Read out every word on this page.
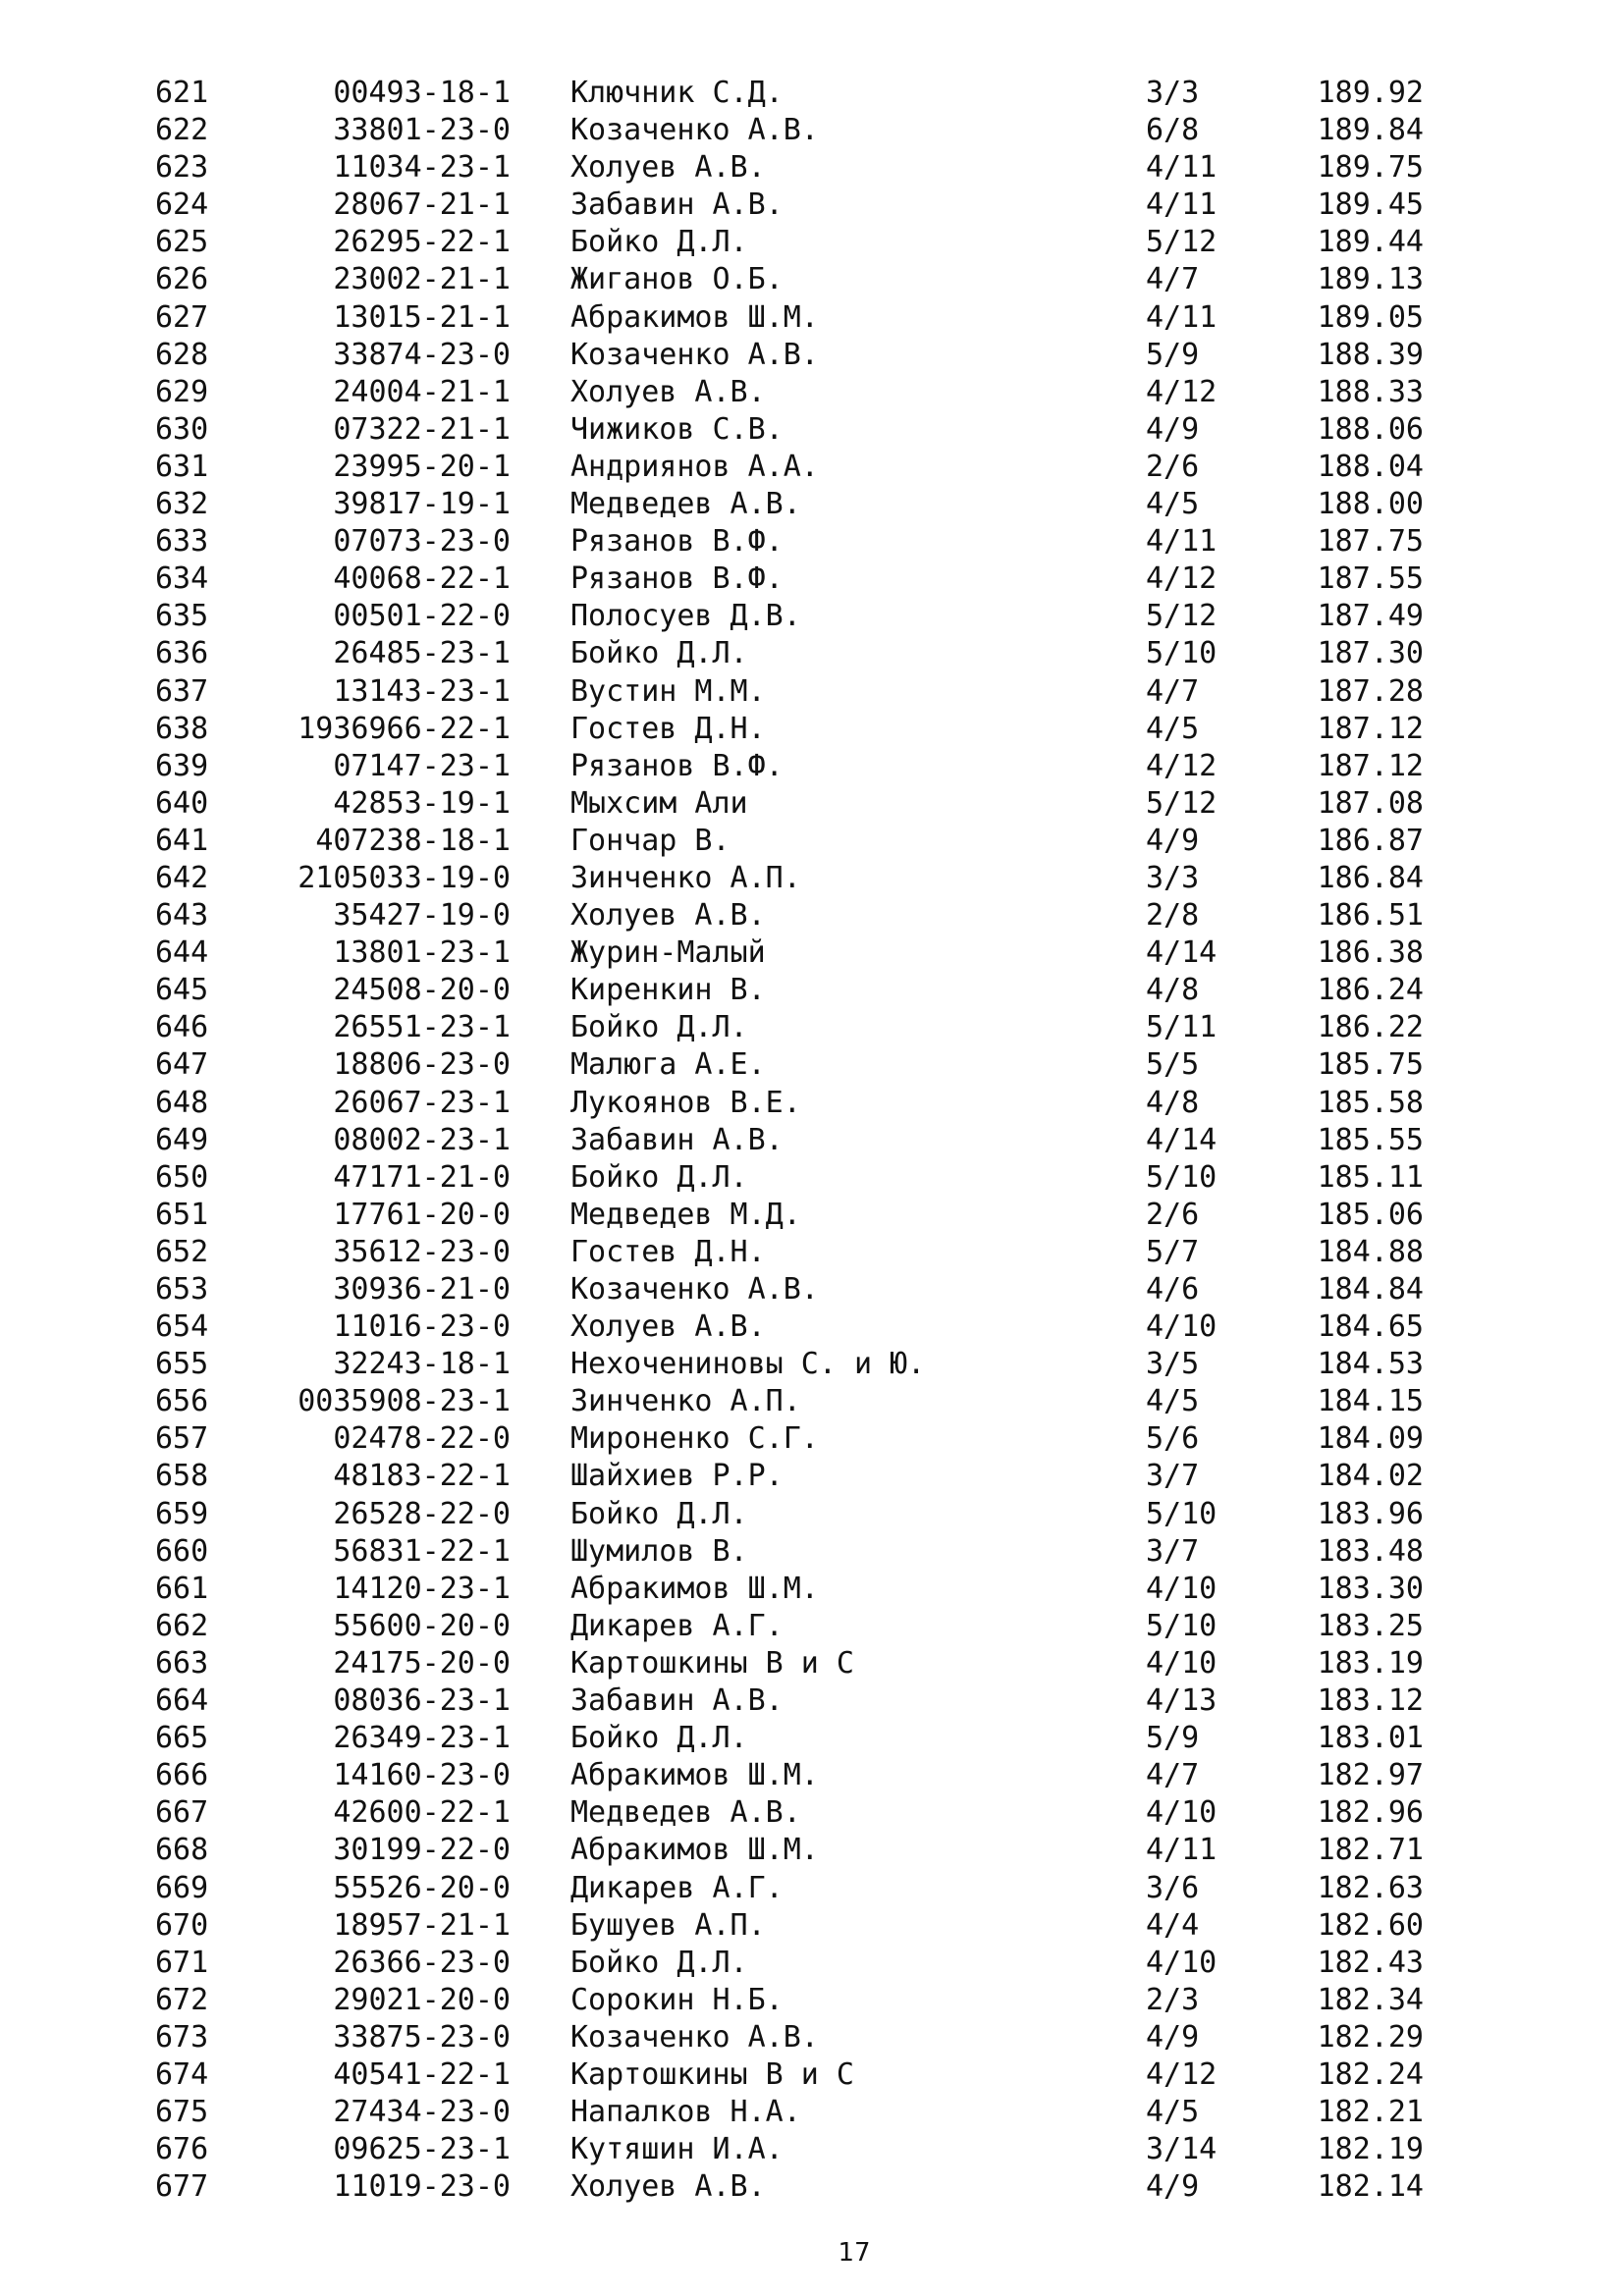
621	00493-18-1 Ключник С.Д.	3/3	189.92
622	33801-23-0 Козаченко А.В.	6/8	189.84
623	11034-23-1 Холуев А.В.	4/11	189.75
624	28067-21-1 Забавин А.В.	4/11	189.45
625	26295-22-1 Бойко Д.Л.	5/12	189.44
626	23002-21-1 Жиганов О.Б.	4/7	189.13
627	13015-21-1 Абракимов Ш.М.	4/11	189.05
628	33874-23-0 Козаченко А.В.	5/9	188.39
629	24004-21-1 Холуев А.В.	4/12	188.33
630	07322-21-1 Чижиков С.В.	4/9	188.06
631	23995-20-1 Андриянов А.А.	2/6	188.04
632	39817-19-1 Медведев А.В.	4/5	188.00
633	07073-23-0 Рязанов В.Ф.	4/11	187.75
634	40068-22-1 Рязанов В.Ф.	4/12	187.55
635	00501-22-0 Полосуев Д.В.	5/12	187.49
636	26485-23-1 Бойко Д.Л.	5/10	187.30
637	13143-23-1 Вустин М.М.	4/7	187.28
638	1936966-22-1 Гостев Д.Н.	4/5	187.12
639	07147-23-1 Рязанов В.Ф.	4/12	187.12
640	42853-19-1 Мыхсим Али	5/12	187.08
641	407238-18-1 Гончар В.	4/9	186.87
642	2105033-19-0 Зинченко А.П.	3/3	186.84
643	35427-19-0 Холуев А.В.	2/8	186.51
644	13801-23-1 Журин-Малый	4/14	186.38
645	24508-20-0 Киренкин В.	4/8	186.24
646	26551-23-1 Бойко Д.Л.	5/11	186.22
647	18806-23-0 Малюга А.Е.	5/5	185.75
648	26067-23-1 Лукоянов В.Е.	4/8	185.58
649	08002-23-1 Забавин А.В.	4/14	185.55
650	47171-21-0 Бойко Д.Л.	5/10	185.11
651	17761-20-0 Медведев М.Д.	2/6	185.06
652	35612-23-0 Гостев Д.Н.	5/7	184.88
653	30936-21-0 Козаченко А.В.	4/6	184.84
654	11016-23-0 Холуев А.В.	4/10	184.65
655	32243-18-1 Нехочениновы С. и Ю.	3/5	184.53
656	0035908-23-1 Зинченко А.П.	4/5	184.15
657	02478-22-0 Мироненко С.Г.	5/6	184.09
658	48183-22-1 Шайхиев Р.Р.	3/7	184.02
659	26528-22-0 Бойко Д.Л.	5/10	183.96
660	56831-22-1 Шумилов В.	3/7	183.48
661	14120-23-1 Абракимов Ш.М.	4/10	183.30
662	55600-20-0 Дикарев А.Г.	5/10	183.25
663	24175-20-0 Картошкины В и С	4/10	183.19
664	08036-23-1 Забавин А.В.	4/13	183.12
665	26349-23-1 Бойко Д.Л.	5/9	183.01
666	14160-23-0 Абракимов Ш.М.	4/7	182.97
667	42600-22-1 Медведев А.В.	4/10	182.96
668	30199-22-0 Абракимов Ш.М.	4/11	182.71
669	55526-20-0 Дикарев А.Г.	3/6	182.63
670	18957-21-1 Бушуев А.П.	4/4	182.60
671	26366-23-0 Бойко Д.Л.	4/10	182.43
672	29021-20-0 Сорокин Н.Б.	2/3	182.34
673	33875-23-0 Козаченко А.В.	4/9	182.29
674	40541-22-1 Картошкины В и С	4/12	182.24
675	27434-23-0 Напалков Н.А.	4/5	182.21
676	09625-23-1 Кутяшин И.А.	3/14	182.19
677	11019-23-0 Холуев А.В.	4/9	182.14
17
